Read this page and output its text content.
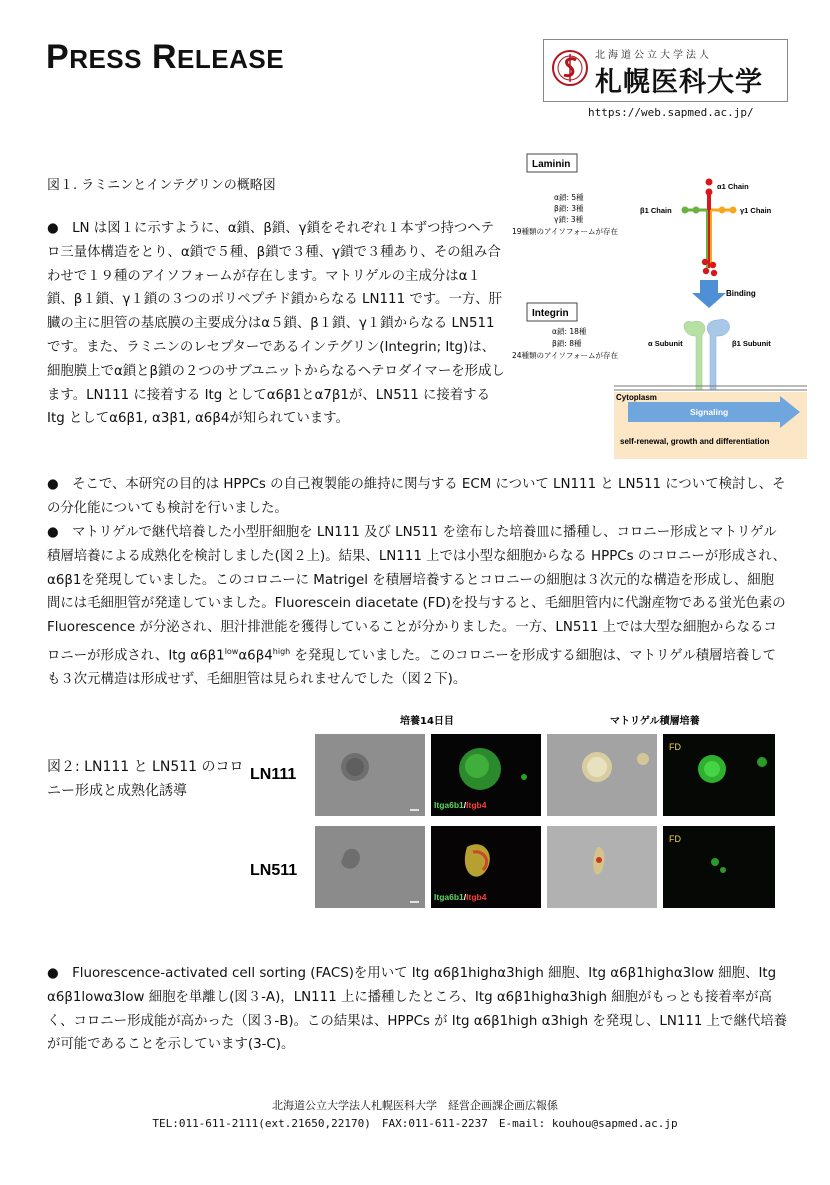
PRESS RELEASE	北海道公立大学法人
札幌医科大学
https://web.sapmed.ac.jp/
図１. ラミニンとインテグリンの概略図

●　LN は図１に示すように、α鎖、β鎖、γ鎖をそれぞれ１本ずつ持つヘテロ三量体構造をとり、α鎖で５種、β鎖で３種、γ鎖で３種あり、その組み合わせで１９種のアイソフォームが存在します。マトリゲルの主成分はα１鎖、β１鎖、γ１鎖の３つのポリペプチド鎖からなる LN111 です。一方、肝臓の主に胆管の基底膜の主要成分はα５鎖、β１鎖、γ１鎖からなる LN511 です。また、ラミニンのレセプターであるインテグリン(Integrin; Itg)は、細胞膜上でα鎖とβ鎖の２つのサブユニットからなるヘテロダイマーを形成します。LN111 に接着する Itg としてα6β1とα7β1が、LN511 に接着する Itg としてα6β1, α3β1, α6β4が知られています。

Laminin
α鎖: 5種
β鎖: 3種
γ鎖: 3種
19種類のアイソフォームが存在
α1 Chain
β1 Chain	γ1 Chain
Binding
Integrin
α鎖: 18種
β鎖: 8種
24種類のアイソフォームが存在
α Subunit	β1 Subunit
Cytoplasm
Signaling
self-renewal, growth and differentiation

●　そこで、本研究の目的は HPPCs の自己複製能の維持に関与する ECM について LN111 と LN511 について検討し、その分化能についても検討を行いました。

●　マトリゲルで継代培養した小型肝細胞を LN111 及び LN511 を塗布した培養皿に播種し、コロニー形成とマトリゲル積層培養による成熟化を検討しました(図２上)。結果、LN111 上では小型な細胞からなる HPPCs のコロニーが形成され、α6β1を発現していました。このコロニーに Matrigel を積層培養するとコロニーの細胞は３次元的な構造を形成し、細胞間には毛細胆管が発達していました。Fluorescein diacetate (FD)を投与すると、毛細胆管内に代謝産物である蛍光色素の Fluorescence が分泌され、胆汁排泄能を獲得していることが分かりました。一方、LN511 上では大型な細胞からなるコロニーが形成され、Itg $\alpha 6\beta 1^{low}\alpha 6\beta 4^{high}$ を発現していました。このコロニーを形成する細胞は、マトリゲル積層培養しても３次元構造は形成せず、毛細胆管は見られませんでした（図２下)。

図２: LN111 と LN511 のコロニー形成と成熟化誘導
培養14日目	マトリゲル積層培養
LN111
LN511
Itga6b1/Itgb4
FD
Itga6b1/Itgb4
FD

●　Fluorescence-activated cell sorting (FACS)を用いて Itg α6β1highα3high 細胞、Itg α6β1highα3low 細胞、Itg α6β1lowα3low 細胞を単離し(図３-A)，LN111 上に播種したところ、Itg α6β1highα3high 細胞がもっとも接着率が高く、コロニー形成能が高かった（図３-B)。この結果は、HPPCs が Itg α6β1high α3high を発現し、LN111 上で継代培養が可能であることを示しています(3-C)。

北海道公立大学法人札幌医科大学　経営企画課企画広報係
TEL:011-611-2111(ext.21650,22170)　FAX:011-611-2237　E-mail: kouhou@sapmed.ac.jp
